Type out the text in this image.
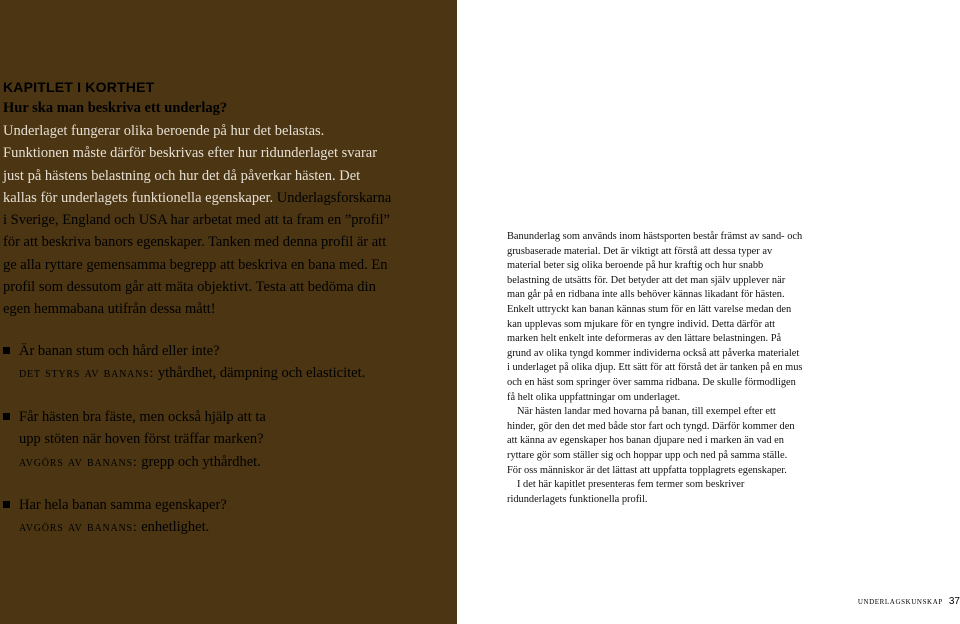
KAPITLET I KORTHET
Hur ska man beskriva ett underlag?
Underlaget fungerar olika beroende på hur det belastas.
Funktionen måste därför beskrivas efter hur ridunderlaget svarar
just på hästens belastning och hur det då påverkar hästen. Det
kallas för underlagets funktionella egenskaper. Underlagsforskarna
i Sverige, England och USA har arbetat med att ta fram en ”profil”
för att beskriva banors egenskaper. Tanken med denna profil är att
ge alla ryttare gemensamma begrepp att beskriva en bana med. En
profil som dessutom går att mäta objektivt. Testa att bedöma din
egen hemmabana utifrån dessa mått!
Är banan stum och hård eller inte?
det styrs av banans: ythårdhet, dämpning och elasticitet.
Får hästen bra fäste, men också hjälp att ta
upp stöten när hoven först träffar marken?
avgörs av banans: grepp och ythårdhet.
Har hela banan samma egenskaper?
avgörs av banans: enhetlighet.

Banunderlag som används inom hästsporten består främst av sand- och grusbaserade material. Det är viktigt att förstå att dessa typer av material beter sig olika beroende på hur kraftig och hur snabb belastning de utsätts för. Det betyder att det man själv upplever när man går på en ridbana inte alls behöver kännas likadant för hästen. Enkelt uttryckt kan banan kännas stum för en lätt varelse medan den kan upplevas som mjukare för en tyngre individ. Detta därför att marken helt enkelt inte deformeras av den lättare belastningen. På grund av olika tyngd kommer individerna också att påverka materialet i underlaget på olika djup. Ett sätt för att förstå det är tanken på en mus och en häst som springer över samma ridbana. De skulle förmodligen få helt olika uppfattningar om underlaget.

När hästen landar med hovarna på banan, till exempel efter ett hinder, gör den det med både stor fart och tyngd. Därför kommer den att känna av egenskaper hos banan djupare ned i marken än vad en ryttare gör som ställer sig och hoppar upp och ned på samma ställe. För oss människor är det lättast att uppfatta topplagrets egenskaper.

I det här kapitlet presenteras fem termer som beskriver ridunderlagets funktionella profil.

underlagskunskap 37
